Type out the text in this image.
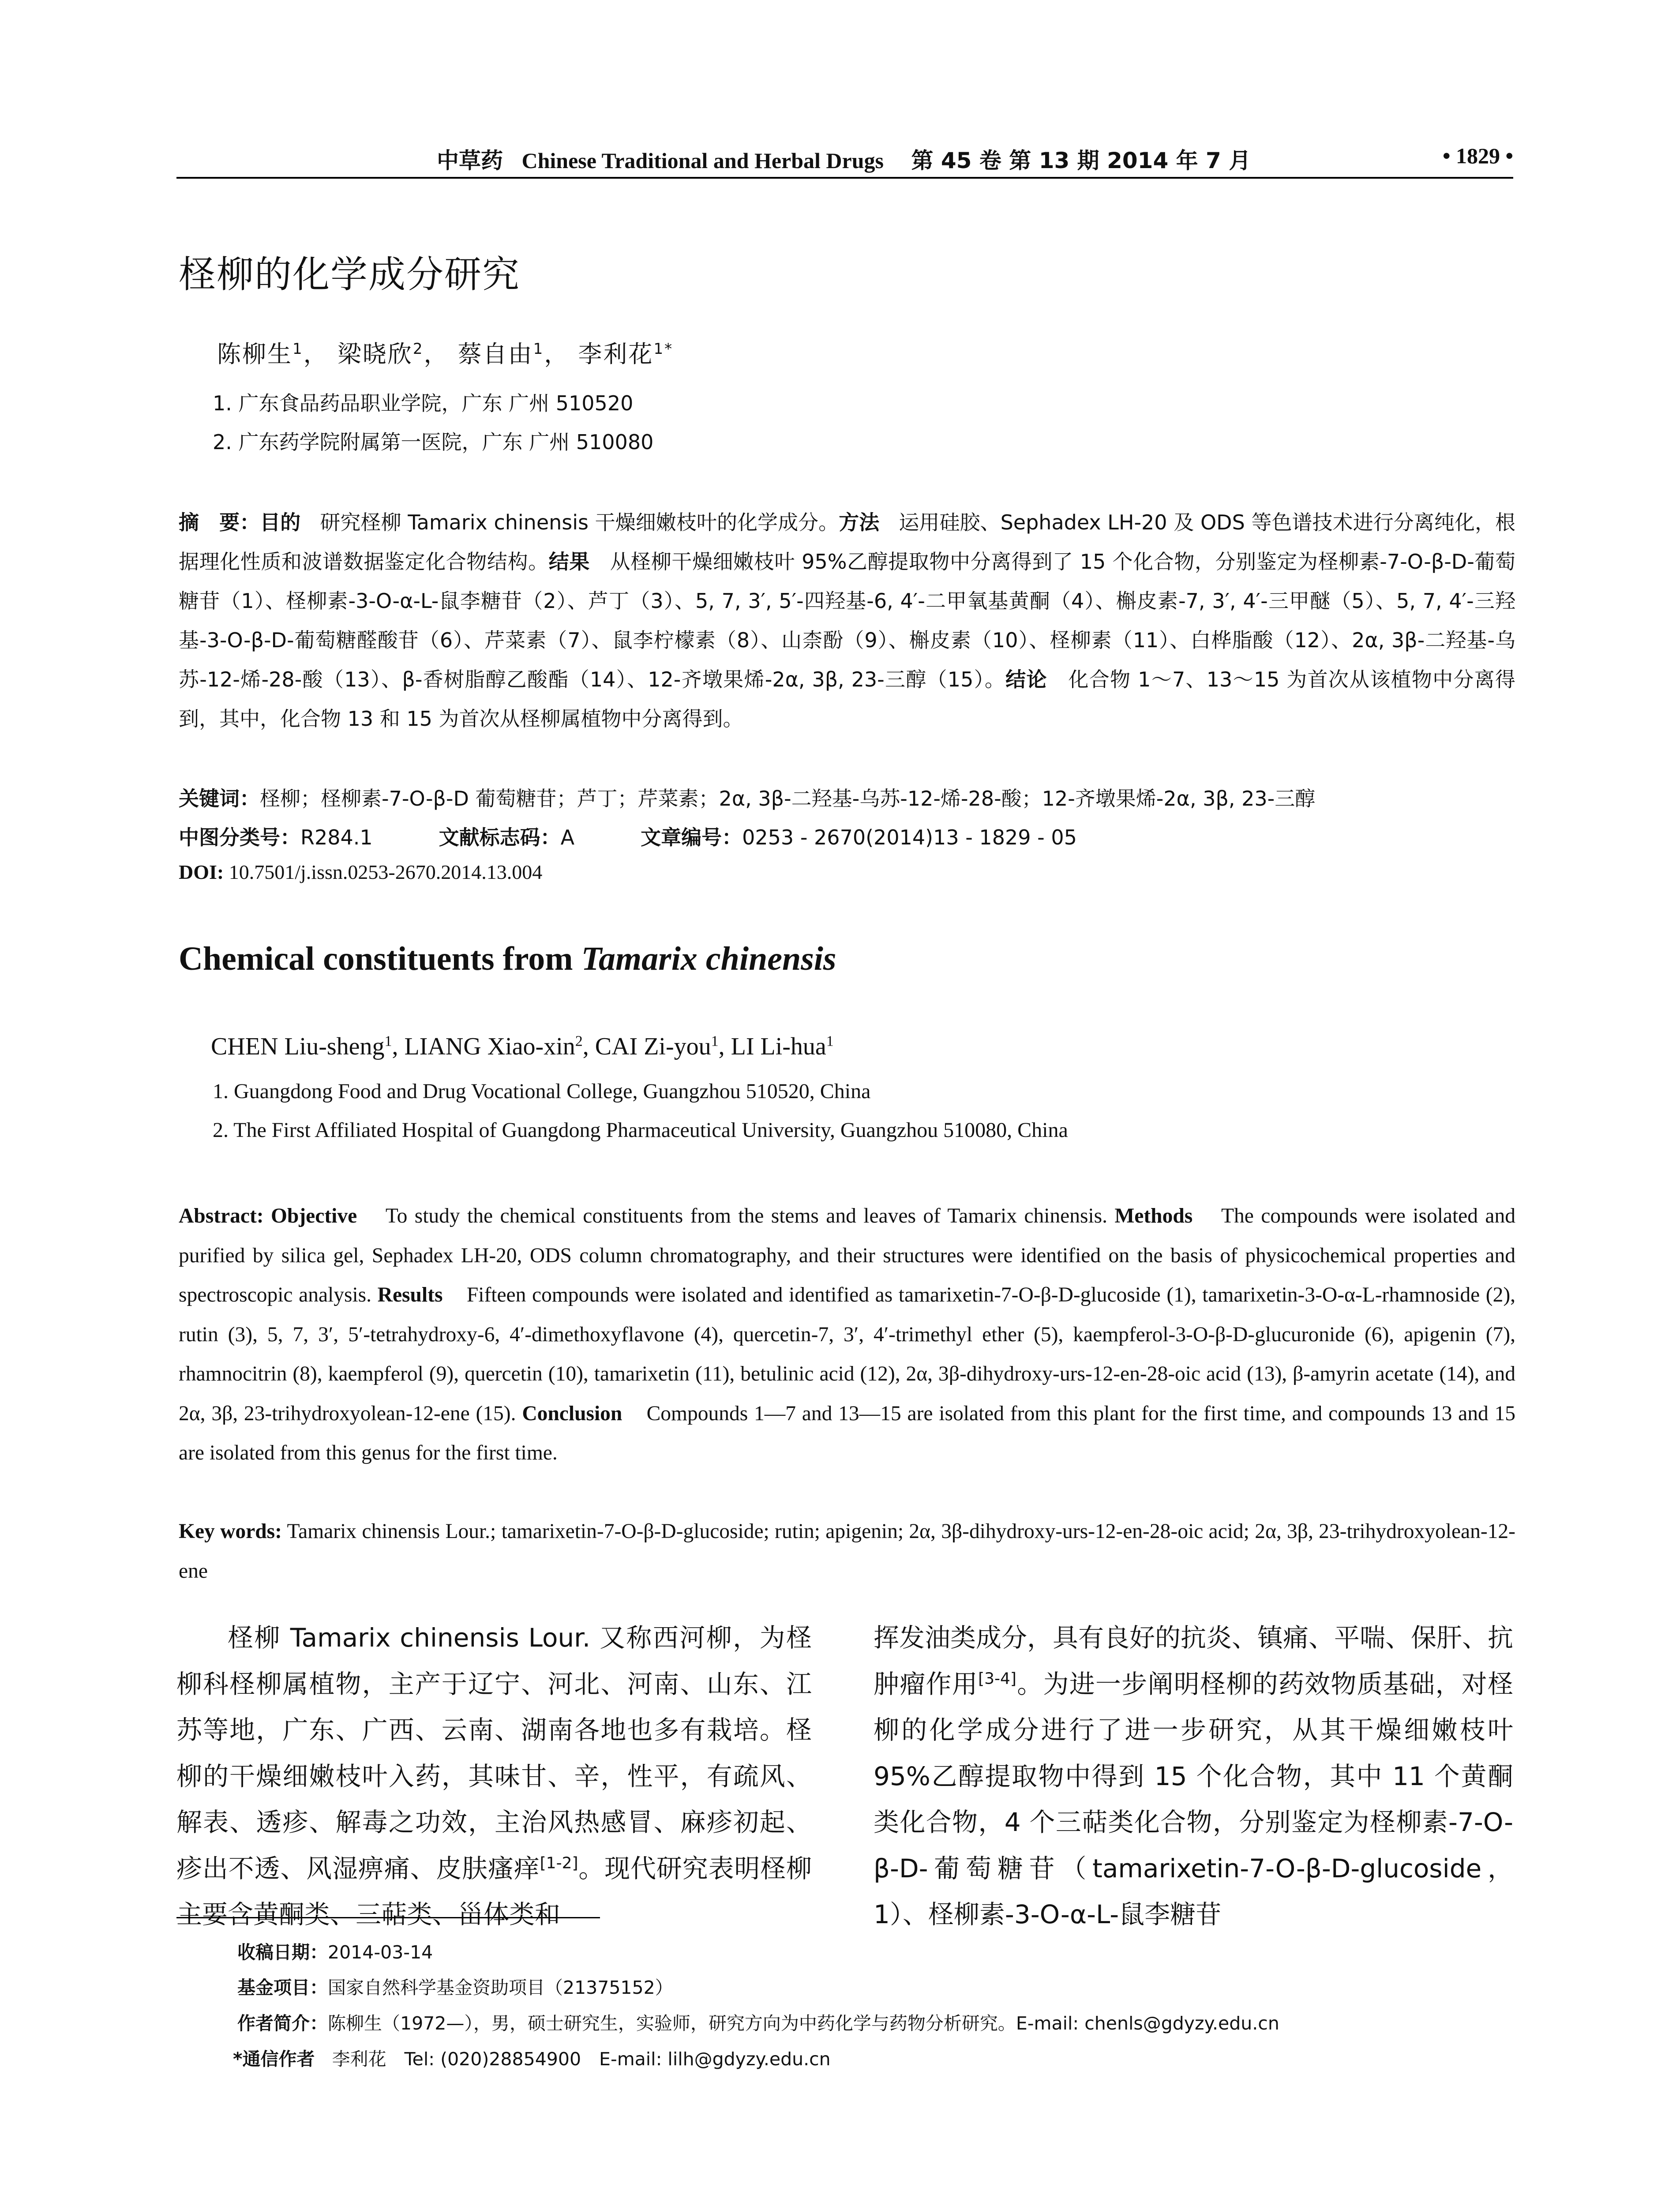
中草药 Chinese Traditional and Herbal Drugs 第 45 卷 第 13 期 2014 年 7 月	• 1829 •
柽柳的化学成分研究
陈柳生$^1$， 梁晓欣$^2$， 蔡自由$^1$， 李利花$^{1*}$
1. 广东食品药品职业学院，广东 广州 510520
2. 广东药学院附属第一医院，广东 广州 510080
摘　要：目的 研究柽柳 Tamarix chinensis 干燥细嫩枝叶的化学成分。方法 运用硅胶、Sephadex LH-20 及 ODS 等色谱技术进行分离纯化，根据理化性质和波谱数据鉴定化合物结构。结果 从柽柳干燥细嫩枝叶 95%乙醇提取物中分离得到了 15 个化合物，分别鉴定为柽柳素-7-O-β-D-葡萄糖苷（1）、柽柳素-3-O-α-L-鼠李糖苷（2）、芦丁（3）、5, 7, 3′, 5′-四羟基-6, 4′-二甲氧基黄酮（4）、槲皮素-7, 3′, 4′-三甲醚（5）、5, 7, 4′-三羟基-3-O-β-D-葡萄糖醛酸苷（6）、芹菜素（7）、鼠李柠檬素（8）、山柰酚（9）、槲皮素（10）、柽柳素（11）、白桦脂酸（12）、2α, 3β-二羟基-乌苏-12-烯-28-酸（13）、β-香树脂醇乙酸酯（14）、12-齐墩果烯-2α, 3β, 23-三醇（15）。结论 化合物 1～7、13～15 为首次从该植物中分离得到，其中，化合物 13 和 15 为首次从柽柳属植物中分离得到。
关键词：柽柳；柽柳素-7-O-β-D 葡萄糖苷；芦丁；芹菜素；2α, 3β-二羟基-乌苏-12-烯-28-酸；12-齐墩果烯-2α, 3β, 23-三醇
中图分类号：R284.1	文献标志码：A	文章编号：0253 - 2670(2014)13 - 1829 - 05
DOI: 10.7501/j.issn.0253-2670.2014.13.004
Chemical constituents from Tamarix chinensis
CHEN Liu-sheng$^1$, LIANG Xiao-xin$^2$, CAI Zi-you$^1$, LI Li-hua$^1$
1. Guangdong Food and Drug Vocational College, Guangzhou 510520, China
2. The First Affiliated Hospital of Guangdong Pharmaceutical University, Guangzhou 510080, China
Abstract: Objective To study the chemical constituents from the stems and leaves of Tamarix chinensis. Methods The compounds were isolated and purified by silica gel, Sephadex LH-20, ODS column chromatography, and their structures were identified on the basis of physicochemical properties and spectroscopic analysis. Results Fifteen compounds were isolated and identified as tamarixetin-7-O-β-D-glucoside (1), tamarixetin-3-O-α-L-rhamnoside (2), rutin (3), 5, 7, 3′, 5′-tetrahydroxy-6, 4′-dimethoxyflavone (4), quercetin-7, 3′, 4′-trimethyl ether (5), kaempferol-3-O-β-D-glucuronide (6), apigenin (7), rhamnocitrin (8), kaempferol (9), quercetin (10), tamarixetin (11), betulinic acid (12), 2α, 3β-dihydroxy-urs-12-en-28-oic acid (13), β-amyrin acetate (14), and 2α, 3β, 23-trihydroxyolean-12-ene (15). Conclusion Compounds 1—7 and 13—15 are isolated from this plant for the first time, and compounds 13 and 15 are isolated from this genus for the first time.
Key words: Tamarix chinensis Lour.; tamarixetin-7-O-β-D-glucoside; rutin; apigenin; 2α, 3β-dihydroxy-urs-12-en-28-oic acid; 2α, 3β, 23-trihydroxyolean-12-ene
柽柳 Tamarix chinensis Lour. 又称西河柳，为柽柳科柽柳属植物，主产于辽宁、河北、河南、山东、江苏等地，广东、广西、云南、湖南各地也多有栽培。柽柳的干燥细嫩枝叶入药，其味甘、辛，性平，有疏风、解表、透疹、解毒之功效，主治风热感冒、麻疹初起、疹出不透、风湿痹痛、皮肤瘙痒[1-2]。现代研究表明柽柳主要含黄酮类、三萜类、甾体类和
挥发油类成分，具有良好的抗炎、镇痛、平喘、保肝、抗肿瘤作用[3-4]。为进一步阐明柽柳的药效物质基础，对柽柳的化学成分进行了进一步研究，从其干燥细嫩枝叶 95%乙醇提取物中得到 15 个化合物，其中 11 个黄酮类化合物，4 个三萜类化合物，分别鉴定为柽柳素-7-O-β-D-葡萄糖苷（tamarixetin-7-O-β-D-glucoside，1）、柽柳素-3-O-α-L-鼠李糖苷
收稿日期：2014-03-14
基金项目：国家自然科学基金资助项目（21375152）
作者简介：陈柳生（1972—），男，硕士研究生，实验师，研究方向为中药化学与药物分析研究。E-mail: chenls@gdyzy.edu.cn
*通信作者 李利花　Tel: (020)28854900　E-mail: lilh@gdyzy.edu.cn
